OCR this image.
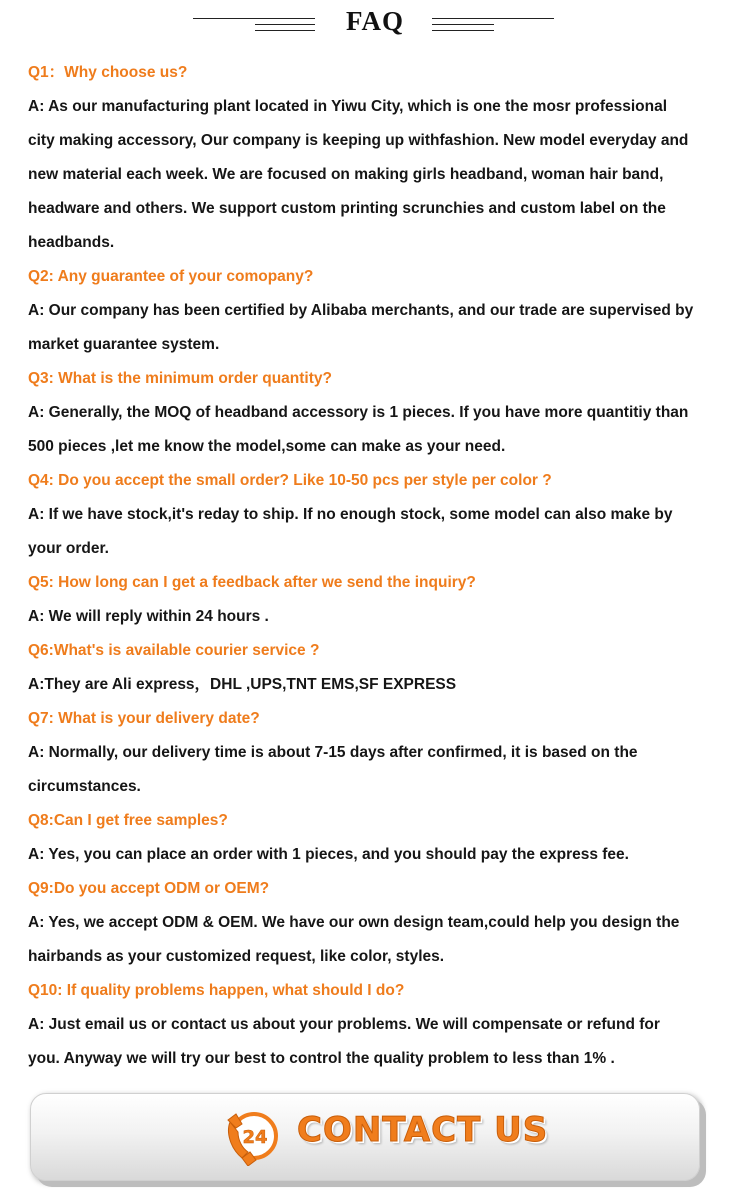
FAQ
Q1：Why choose us?
A: As our manufacturing plant located in Yiwu City, which is one the mosr professional
city making accessory, Our company is keeping up withfashion. New model everyday and
new material each week. We are focused on making girls headband, woman hair band,
headware and others. We support custom printing scrunchies and custom label on the
headbands.
Q2: Any guarantee of your comopany?
A: Our company has been certified by Alibaba merchants, and our trade are supervised by
market guarantee system.
Q3: What is the minimum order quantity?
A: Generally, the MOQ of headband accessory is 1 pieces. If you have more quantitiy than
500 pieces ,let me know the model,some can make as your need.
Q4: Do you accept the small order? Like 10-50 pcs per style per color ?
A: If we have stock,it's reday to ship. If no enough stock, some model can also make by
your order.
Q5: How long can I get a feedback after we send the inquiry?
A: We will reply within 24 hours .
Q6:What's is available courier service ?
A:They are Ali express，DHL ,UPS,TNT EMS,SF EXPRESS
Q7: What is your delivery date?
A: Normally, our delivery time is about 7-15 days after confirmed, it is based on the
circumstances.
Q8:Can I get free samples?
A: Yes, you can place an order with 1 pieces, and you should pay the express fee.
Q9:Do you accept ODM or OEM?
A: Yes, we accept ODM & OEM. We have our own design team,could help you design the
hairbands as your customized request, like color, styles.
Q10: If quality problems happen, what should I do?
A: Just email us or contact us about your problems. We will compensate or refund for
you. Anyway we will try our best to control the quality problem to less than 1% .
24 CONTACT US
